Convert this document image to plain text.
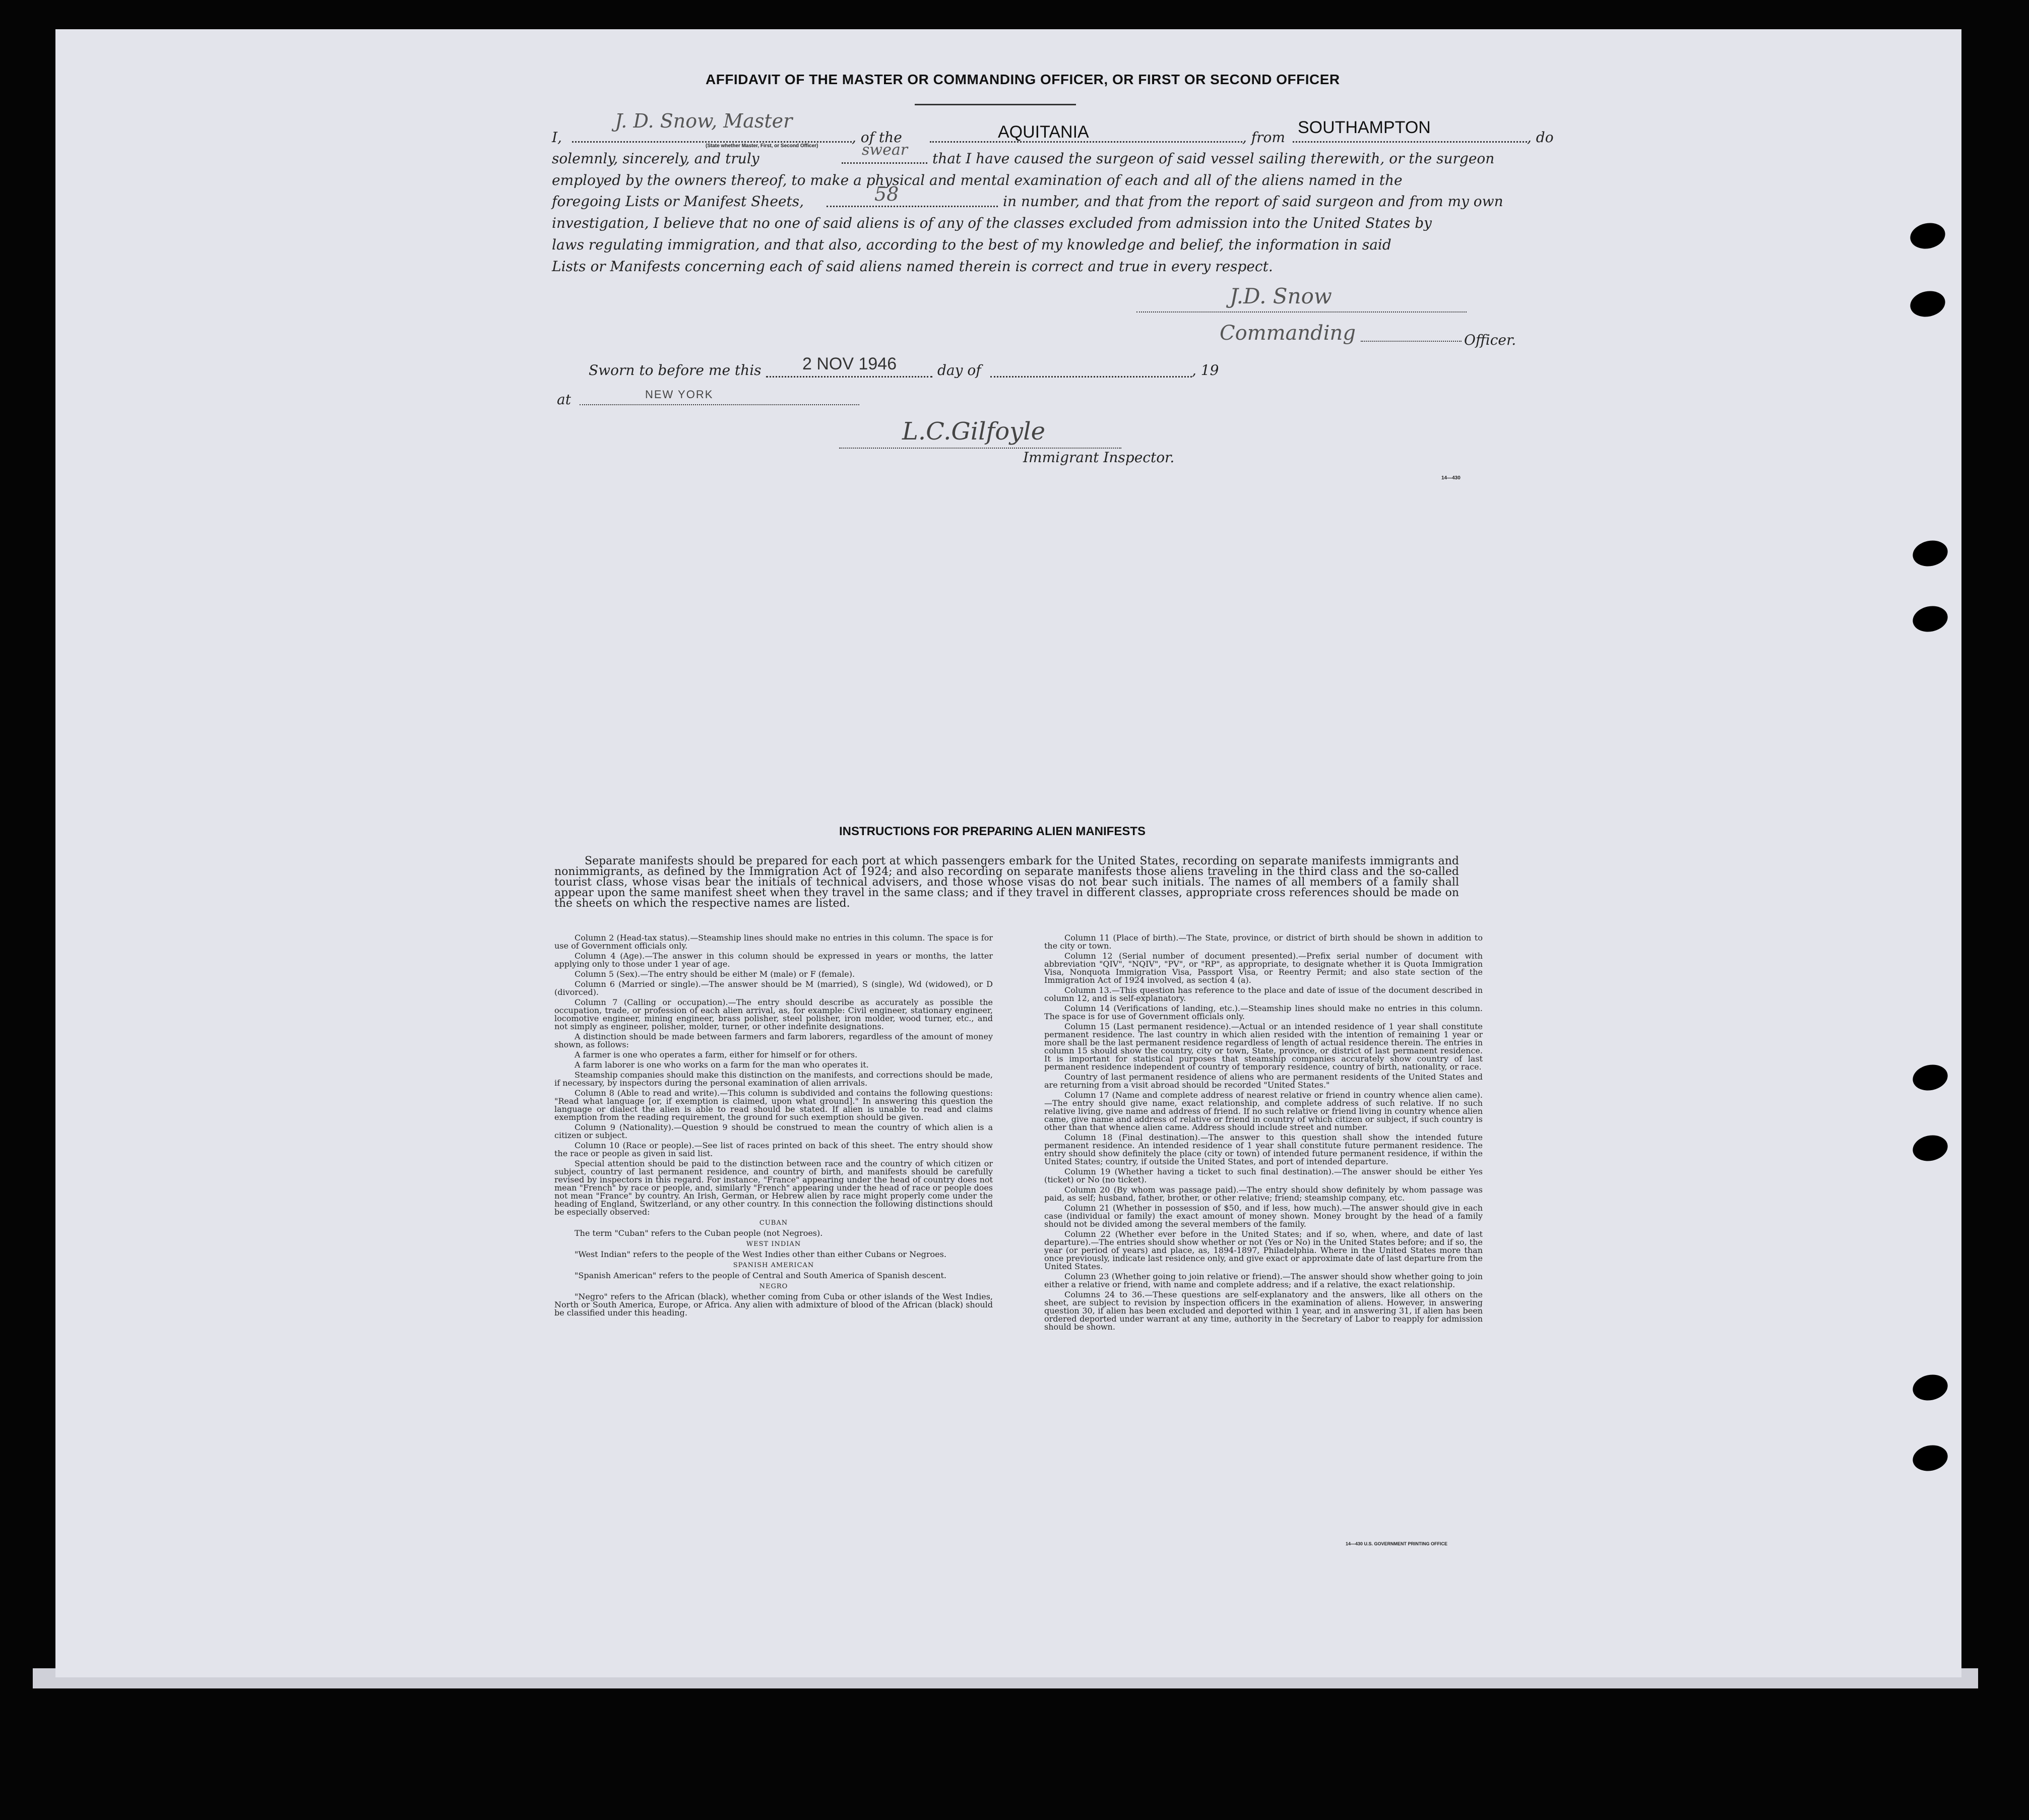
AFFIDAVIT OF THE MASTER OR COMMANDING OFFICER, OR FIRST OR SECOND OFFICER
I,
J. D. Snow, Master
, of the	AQUITANIA	, from
SOUTHAMPTON
, do
(State whether Master, First, or Second Officer)
solemnly, sincerely, and truly	swear that I have caused the surgeon of said vessel sailing therewith, or the surgeon
employed by the owners thereof, to make a physical and mental examination of each and all of the aliens named in the
foregoing Lists or Manifest Sheets,	58	in number, and that from the report of said surgeon and from my own
investigation, I believe that no one of said aliens is of any of the classes excluded from admission into the United States by
laws regulating immigration, and that also, according to the best of my knowledge and belief, the information in said
Lists or Manifests concerning each of said aliens named therein is correct and true in every respect.
J.D. Snow
Commanding	Officer.
Sworn to before me this 2 NOV 1946	day of	, 19
at	NEW YORK
L.C.Gilfoyle
Immigrant Inspector.
14—430
INSTRUCTIONS FOR PREPARING ALIEN MANIFESTS
Separate manifests should be prepared for each port at which passengers embark for the United States, recording on separate manifests immigrants and nonimmigrants, as defined by the Immigration Act of 1924; and also recording on separate manifests those aliens traveling in the third class and the so-called tourist class, whose visas bear the initials of technical advisers, and those whose visas do not bear such initials. The names of all members of a family shall appear upon the same manifest sheet when they travel in the same class; and if they travel in different classes, appropriate cross references should be made on the sheets on which the respective names are listed.

Column 2 (Head-tax status).—Steamship lines should make no entries in this column. The space is for use of Government officials only.

Column 4 (Age).—The answer in this column should be expressed in years or months, the latter applying only to those under 1 year of age.

Column 5 (Sex).—The entry should be either M (male) or F (female).

Column 6 (Married or single).—The answer should be M (married), S (single), Wd (widowed), or D (divorced).

Column 7 (Calling or occupation).—The entry should describe as accurately as possible the occupation, trade, or profession of each alien arrival, as, for example: Civil engineer, stationary engineer, locomotive engineer, mining engineer, brass polisher, steel polisher, iron molder, wood turner, etc., and not simply as engineer, polisher, molder, turner, or other indefinite designations.

A distinction should be made between farmers and farm laborers, regardless of the amount of money shown, as follows:

A farmer is one who operates a farm, either for himself or for others.

A farm laborer is one who works on a farm for the man who operates it.

Steamship companies should make this distinction on the manifests, and corrections should be made, if necessary, by inspectors during the personal examination of alien arrivals.

Column 8 (Able to read and write).—This column is subdivided and contains the following questions: "Read what language [or, if exemption is claimed, upon what ground]." In answering this question the language or dialect the alien is able to read should be stated. If alien is unable to read and claims exemption from the reading requirement, the ground for such exemption should be given.

Column 9 (Nationality).—Question 9 should be construed to mean the country of which alien is a citizen or subject.

Column 10 (Race or people).—See list of races printed on back of this sheet. The entry should show the race or people as given in said list.

Special attention should be paid to the distinction between race and the country of which citizen or subject, country of last permanent residence, and country of birth, and manifests should be carefully revised by inspectors in this regard. For instance, "France" appearing under the head of country does not mean "French" by race or people, and, similarly "French" appearing under the head of race or people does not mean "France" by country. An Irish, German, or Hebrew alien by race might properly come under the heading of England, Switzerland, or any other country. In this connection the following distinctions should be especially observed:

CUBAN

The term "Cuban" refers to the Cuban people (not Negroes).

WEST INDIAN

"West Indian" refers to the people of the West Indies other than either Cubans or Negroes.

SPANISH AMERICAN

"Spanish American" refers to the people of Central and South America of Spanish descent.

NEGRO

"Negro" refers to the African (black), whether coming from Cuba or other islands of the West Indies, North or South America, Europe, or Africa. Any alien with admixture of blood of the African (black) should be classified under this heading.

Column 11 (Place of birth).—The State, province, or district of birth should be shown in addition to the city or town.

Column 12 (Serial number of document presented).—Prefix serial number of document with abbreviation "QIV", "NQIV", "PV", or "RP", as appropriate, to designate whether it is Quota Immigration Visa, Nonquota Immigration Visa, Passport Visa, or Reentry Permit; and also state section of the Immigration Act of 1924 involved, as section 4 (a).

Column 13.—This question has reference to the place and date of issue of the document described in column 12, and is self-explanatory.

Column 14 (Verifications of landing, etc.).—Steamship lines should make no entries in this column. The space is for use of Government officials only.

Column 15 (Last permanent residence).—Actual or an intended residence of 1 year shall constitute permanent residence. The last country in which alien resided with the intention of remaining 1 year or more shall be the last permanent residence regardless of length of actual residence therein. The entries in column 15 should show the country, city or town, State, province, or district of last permanent residence. It is important for statistical purposes that steamship companies accurately show country of last permanent residence independent of country of temporary residence, country of birth, nationality, or race.

Country of last permanent residence of aliens who are permanent residents of the United States and are returning from a visit abroad should be recorded "United States."

Column 17 (Name and complete address of nearest relative or friend in country whence alien came).—The entry should give name, exact relationship, and complete address of such relative. If no such relative living, give name and address of friend. If no such relative or friend living in country whence alien came, give name and address of relative or friend in country of which citizen or subject, if such country is other than that whence alien came. Address should include street and number.

Column 18 (Final destination).—The answer to this question shall show the intended future permanent residence. An intended residence of 1 year shall constitute future permanent residence. The entry should show definitely the place (city or town) of intended future permanent residence, if within the United States; country, if outside the United States, and port of intended departure.

Column 19 (Whether having a ticket to such final destination).—The answer should be either Yes (ticket) or No (no ticket).

Column 20 (By whom was passage paid).—The entry should show definitely by whom passage was paid, as self; husband, father, brother, or other relative; friend; steamship company, etc.

Column 21 (Whether in possession of $50, and if less, how much).—The answer should give in each case (individual or family) the exact amount of money shown. Money brought by the head of a family should not be divided among the several members of the family.

Column 22 (Whether ever before in the United States; and if so, when, where, and date of last departure).—The entries should show whether or not (Yes or No) in the United States before; and if so, the year (or period of years) and place, as, 1894-1897, Philadelphia. Where in the United States more than once previously, indicate last residence only, and give exact or approximate date of last departure from the United States.

Column 23 (Whether going to join relative or friend).—The answer should show whether going to join either a relative or friend, with name and complete address; and if a relative, the exact relationship.

Columns 24 to 36.—These questions are self-explanatory and the answers, like all others on the sheet, are subject to revision by inspection officers in the examination of aliens. However, in answering question 30, if alien has been excluded and deported within 1 year, and in answering 31, if alien has been ordered deported under warrant at any time, authority in the Secretary of Labor to reapply for admission should be shown.

14—430 U.S. GOVERNMENT PRINTING OFFICE
